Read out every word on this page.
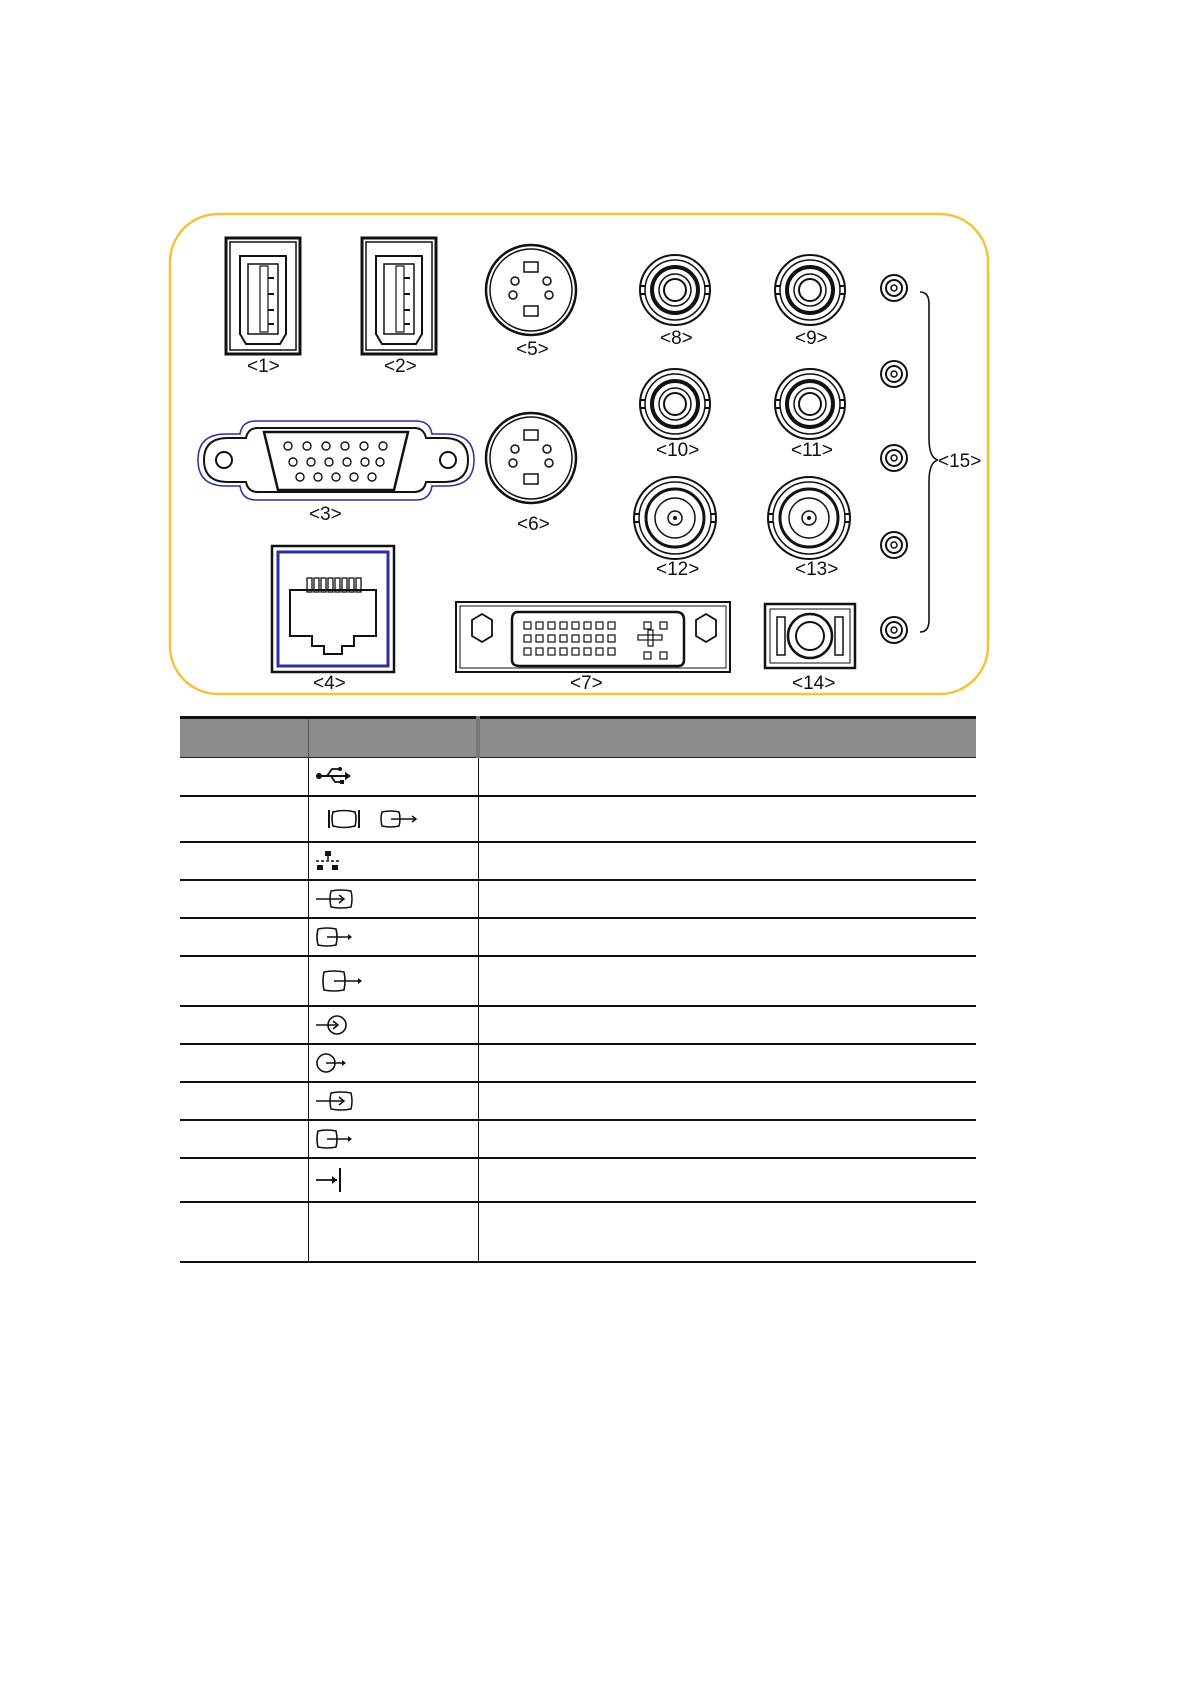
<1>	<2>
<3>
<4>
<5>
<6>
<7>
<8>	<9>
<10>	<11>
<12>	<13>
<14>
<15>
